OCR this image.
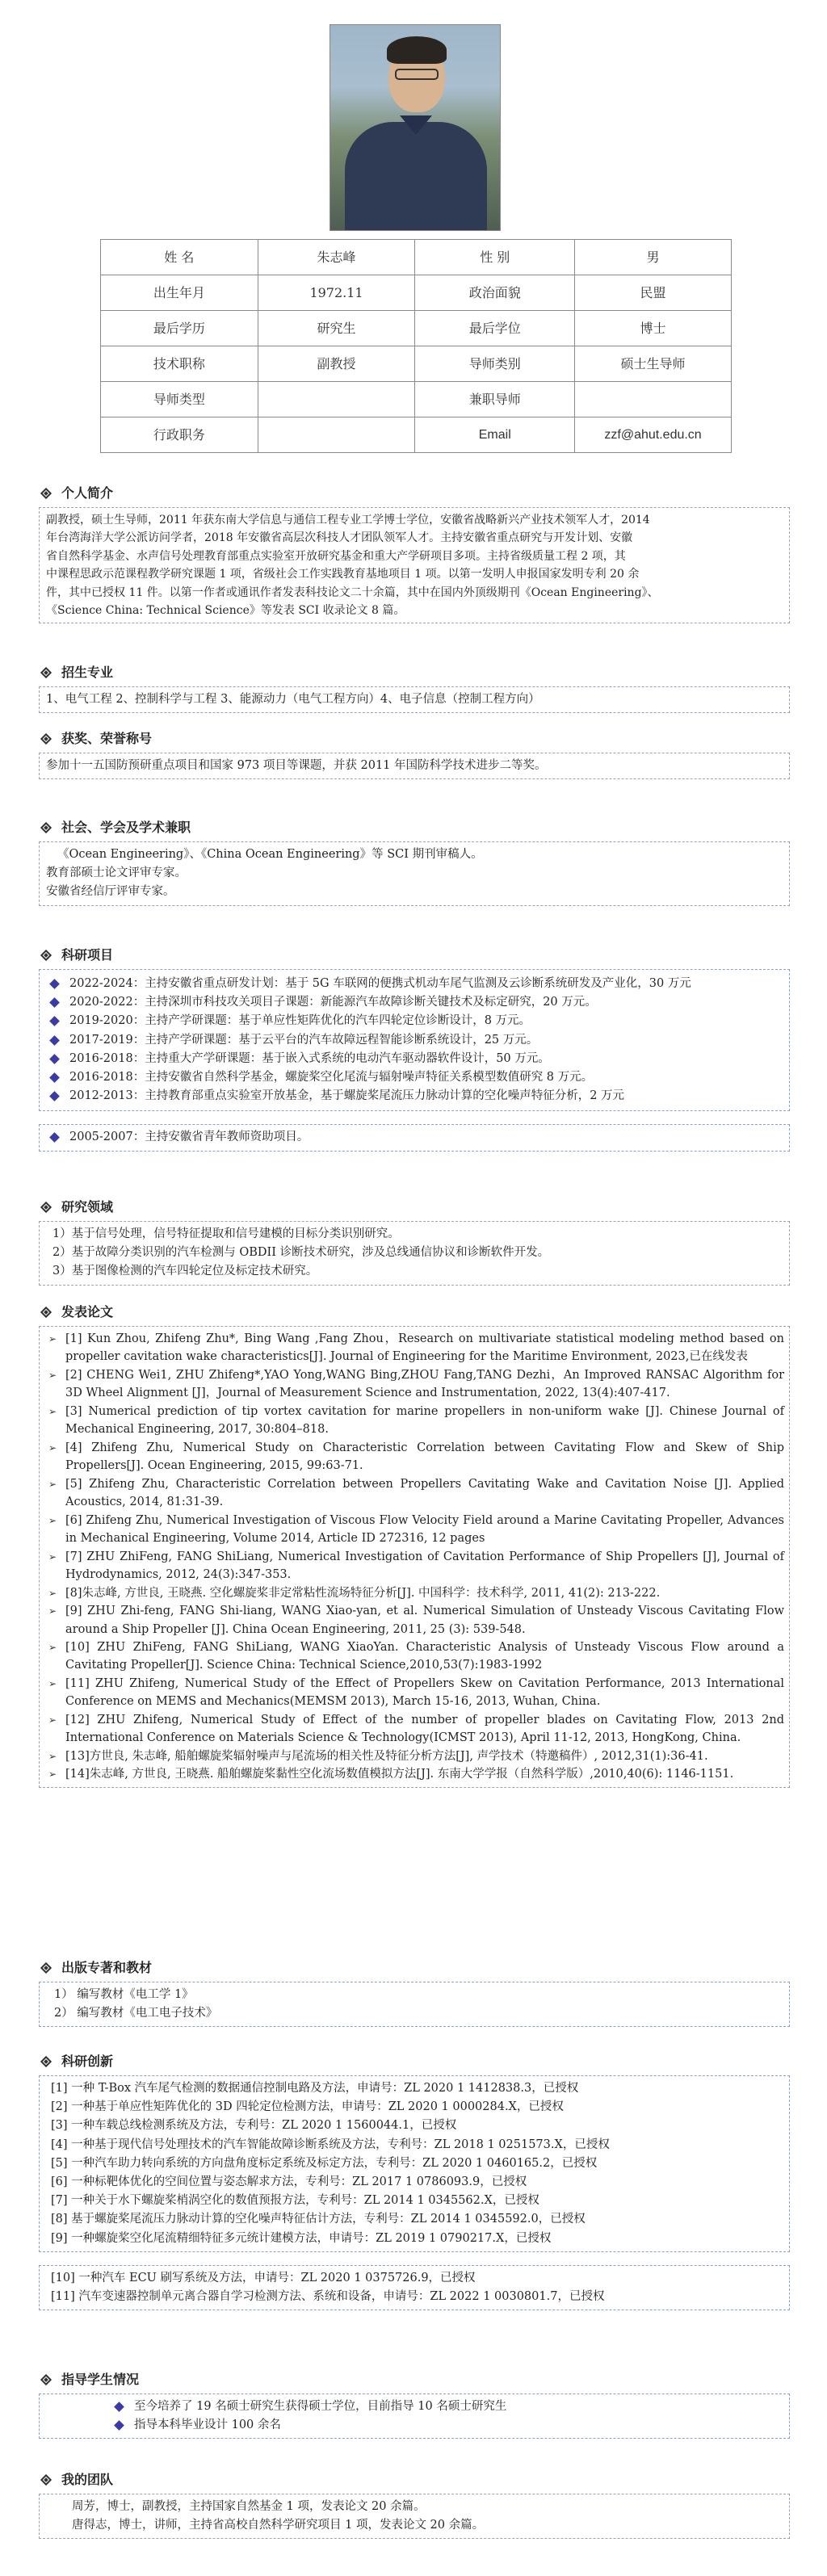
姓 名	朱志峰	性 别	男
出生年月	1972.11	政治面貌	民盟
最后学历	研究生	最后学位	博士
技术职称	副教授	导师类别	硕士生导师
导师类型		兼职导师	
行政职务		Email	zzf@ahut.edu.cn
个人简介
副教授，硕士生导师，2011 年获东南大学信息与通信工程专业工学博士学位，安徽省战略新兴产业技术领军人才，2014
年台湾海洋大学公派访问学者，2018 年安徽省高层次科技人才团队领军人才。主持安徽省重点研究与开发计划、安徽
省自然科学基金、水声信号处理教育部重点实验室开放研究基金和重大产学研项目多项。主持省级质量工程 2 项，其
中课程思政示范课程教学研究课题 1 项，省级社会工作实践教育基地项目 1 项。以第一发明人申报国家发明专利 20 余
件，其中已授权 11 件。以第一作者或通讯作者发表科技论文二十余篇，其中在国内外顶级期刊《Ocean Engineering》、
《Science China: Technical Science》等发表 SCI 收录论文 8 篇。
招生专业
1、电气工程 2、控制科学与工程 3、能源动力（电气工程方向）4、电子信息（控制工程方向）
获奖、荣誉称号
参加十一五国防预研重点项目和国家 973 项目等课题，并获 2011 年国防科学技术进步二等奖。
社会、学会及学术兼职
《Ocean Engineering》、《China Ocean Engineering》等 SCI 期刊审稿人。
教育部硕士论文评审专家。
安徽省经信厅评审专家。
科研项目
2022-2024：主持安徽省重点研发计划：基于 5G 车联网的便携式机动车尾气监测及云诊断系统研发及产业化，30 万元
2020-2022：主持深圳市科技攻关项目子课题：新能源汽车故障诊断关键技术及标定研究，20 万元。
2019-2020：主持产学研课题：基于单应性矩阵优化的汽车四轮定位诊断设计，8 万元。
2017-2019：主持产学研课题：基于云平台的汽车故障远程智能诊断系统设计，25 万元。
2016-2018：主持重大产学研课题：基于嵌入式系统的电动汽车驱动器软件设计，50 万元。
2016-2018：主持安徽省自然科学基金，螺旋桨空化尾流与辐射噪声特征关系模型数值研究 8 万元。
2012-2013：主持教育部重点实验室开放基金，基于螺旋桨尾流压力脉动计算的空化噪声特征分析，2 万元
2005-2007：主持安徽省青年教师资助项目。
研究领域
1）基于信号处理，信号特征提取和信号建模的目标分类识别研究。
2）基于故障分类识别的汽车检测与 OBDII 诊断技术研究，涉及总线通信协议和诊断软件开发。
3）基于图像检测的汽车四轮定位及标定技术研究。
发表论文
➢ [1] Kun Zhou, Zhifeng Zhu*, Bing Wang ,Fang Zhou，Research on multivariate statistical modeling method based on propeller cavitation wake characteristics[J]. Journal of Engineering for the Maritime Environment, 2023,已在线发表
➢ [2] CHENG Wei1, ZHU Zhifeng*,YAO Yong,WANG Bing,ZHOU Fang,TANG Dezhi，An Improved RANSAC Algorithm for 3D Wheel Alignment [J]，Journal of Measurement Science and Instrumentation, 2022, 13(4):407-417.
➢ [3] Numerical prediction of tip vortex cavitation for marine propellers in non-uniform wake [J]. Chinese Journal of Mechanical Engineering, 2017, 30:804–818.
➢ [4] Zhifeng Zhu, Numerical Study on Characteristic Correlation between Cavitating Flow and Skew of Ship Propellers[J]. Ocean Engineering, 2015, 99:63-71.
➢ [5] Zhifeng Zhu, Characteristic Correlation between Propellers Cavitating Wake and Cavitation Noise [J]. Applied Acoustics, 2014, 81:31-39.
➢ [6] Zhifeng Zhu, Numerical Investigation of Viscous Flow Velocity Field around a Marine Cavitating Propeller, Advances in Mechanical Engineering, Volume 2014, Article ID 272316, 12 pages
➢ [7] ZHU ZhiFeng, FANG ShiLiang, Numerical Investigation of Cavitation Performance of Ship Propellers [J], Journal of Hydrodynamics, 2012, 24(3):347-353.
➢ [8]朱志峰, 方世良, 王晓燕. 空化螺旋桨非定常粘性流场特征分析[J]. 中国科学：技术科学, 2011, 41(2): 213-222.
➢ [9] ZHU Zhi-feng, FANG Shi-liang, WANG Xiao-yan, et al. Numerical Simulation of Unsteady Viscous Cavitating Flow around a Ship Propeller [J]. China Ocean Engineering, 2011, 25 (3): 539-548.
➢ [10] ZHU ZhiFeng, FANG ShiLiang, WANG XiaoYan. Characteristic Analysis of Unsteady Viscous Flow around a Cavitating Propeller[J]. Science China: Technical Science,2010,53(7):1983-1992
➢ [11] ZHU Zhifeng, Numerical Study of the Effect of Propellers Skew on Cavitation Performance, 2013 International Conference on MEMS and Mechanics(MEMSM 2013), March 15-16, 2013, Wuhan, China.
➢ [12] ZHU Zhifeng, Numerical Study of Effect of the number of propeller blades on Cavitating Flow, 2013 2nd International Conference on Materials Science & Technology(ICMST 2013), April 11-12, 2013, HongKong, China.
➢ [13]方世良, 朱志峰, 船舶螺旋桨辐射噪声与尾流场的相关性及特征分析方法[J], 声学技术（特邀稿件）, 2012,31(1):36-41.
➢ [14]朱志峰, 方世良, 王晓燕. 船舶螺旋桨黏性空化流场数值模拟方法[J]. 东南大学学报（自然科学版）,2010,40(6): 1146-1151.
出版专著和教材
1） 编写教材《电工学 1》
2） 编写教材《电工电子技术》
科研创新
[1] 一种 T-Box 汽车尾气检测的数据通信控制电路及方法，申请号：ZL 2020 1 1412838.3，已授权
[2] 一种基于单应性矩阵优化的 3D 四轮定位检测方法，申请号：ZL 2020 1 0000284.X，已授权
[3] 一种车载总线检测系统及方法，专利号：ZL 2020 1 1560044.1，已授权
[4] 一种基于现代信号处理技术的汽车智能故障诊断系统及方法，专利号：ZL 2018 1 0251573.X，已授权
[5] 一种汽车助力转向系统的方向盘角度标定系统及标定方法，专利号：ZL 2020 1 0460165.2，已授权
[6] 一种标靶体优化的空间位置与姿态解求方法，专利号：ZL 2017 1 0786093.9，已授权
[7] 一种关于水下螺旋桨梢涡空化的数值预报方法，专利号：ZL 2014 1 0345562.X，已授权
[8] 基于螺旋桨尾流压力脉动计算的空化噪声特征估计方法，专利号：ZL 2014 1 0345592.0，已授权
[9] 一种螺旋桨空化尾流精细特征多元统计建模方法，申请号：ZL 2019 1 0790217.X，已授权
[10] 一种汽车 ECU 刷写系统及方法，申请号：ZL 2020 1 0375726.9，已授权
[11] 汽车变速器控制单元离合器自学习检测方法、系统和设备，申请号：ZL 2022 1 0030801.7，已授权
指导学生情况
至今培养了 19 名硕士研究生获得硕士学位，目前指导 10 名硕士研究生
指导本科毕业设计 100 余名
我的团队
周芳，博士，副教授，主持国家自然基金 1 项，发表论文 20 余篇。
唐得志，博士，讲师，主持省高校自然科学研究项目 1 项，发表论文 20 余篇。
